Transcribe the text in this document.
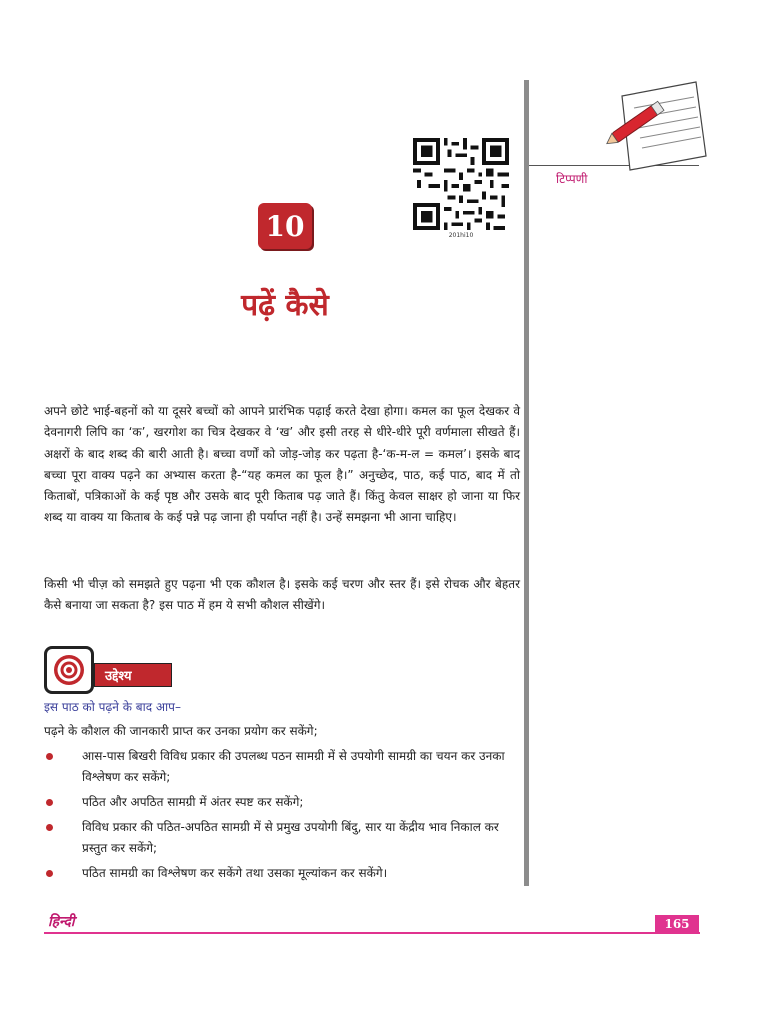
टिप्पणी
201hi10
10
पढ़ें कैसे

अपने छोटे भाई-बहनों को या दूसरे बच्चों को आपने प्रारंभिक पढ़ाई करते देखा होगा। कमल का फूल देखकर वे देवनागरी लिपि का ‘क’, खरगोश का चित्र देखकर वे ‘ख’ और इसी तरह से धीरे-धीरे पूरी वर्णमाला सीखते हैं। अक्षरों के बाद शब्द की बारी आती है। बच्चा वर्णों को जोड़-जोड़ कर पढ़ता है-‘क-म-ल = कमल’। इसके बाद बच्चा पूरा वाक्य पढ़ने का अभ्यास करता है-“यह कमल का फूल है।” अनुच्छेद, पाठ, कई पाठ, बाद में तो किताबों, पत्रिकाओं के कई पृष्ठ और उसके बाद पूरी किताब पढ़ जाते हैं। किंतु केवल साक्षर हो जाना या फिर शब्द या वाक्य या किताब के कई पन्ने पढ़ जाना ही पर्याप्त नहीं है। उन्हें समझना भी आना चाहिए।

किसी भी चीज़ को समझते हुए पढ़ना भी एक कौशल है। इसके कई चरण और स्तर हैं। इसे रोचक और बेहतर कैसे बनाया जा सकता है? इस पाठ में हम ये सभी कौशल सीखेंगे।

उद्देश्य
इस पाठ को पढ़ने के बाद आप–
पढ़ने के कौशल की जानकारी प्राप्त कर उनका प्रयोग कर सकेंगे;
आस-पास बिखरी विविध प्रकार की उपलब्ध पठन सामग्री में से उपयोगी सामग्री का चयन कर उनका विश्लेषण कर सकेंगे;
पठित और अपठित सामग्री में अंतर स्पष्ट कर सकेंगे;
विविध प्रकार की पठित-अपठित सामग्री में से प्रमुख उपयोगी बिंदु, सार या केंद्रीय भाव निकाल कर प्रस्तुत कर सकेंगे;
पठित सामग्री का विश्लेषण कर सकेंगे तथा उसका मूल्यांकन कर सकेंगे।
हिन्दी	165
